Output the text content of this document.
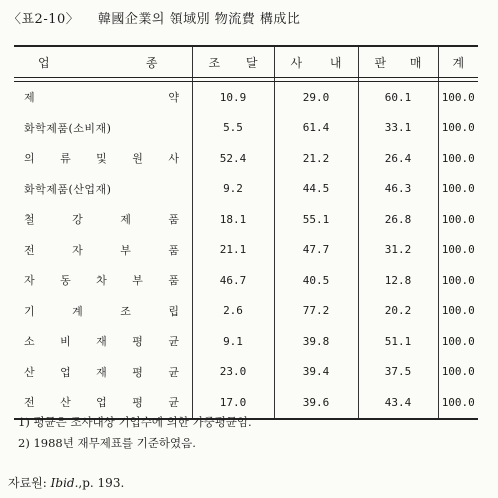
〈표2-10〉 韓國企業의 領域別 物流費 構成比
업 종	조 달	사 내	판 매	계

제 약	10.9	29.0	60.1	100.0

화학제품(소비재)	5.5	61.4	33.1	100.0

의 류 및 원 사	52.4	21.2	26.4	100.0

화학제품(산업재)	9.2	44.5	46.3	100.0

철 강 제 품	18.1	55.1	26.8	100.0

전 자 부 품	21.1	47.7	31.2	100.0

자 동 차 부 품	46.7	40.5	12.8	100.0

기 계 조 립	2.6	77.2	20.2	100.0

소 비 재 평 균	9.1	39.8	51.1	100.0

산 업 재 평 균	23.0	39.4	37.5	100.0

전 산 업 평 균	17.0	39.6	43.4	100.0
1) 평균은 조사대상 기업수에 의한 가중평균임.
2) 1988년 재무제표를 기준하였음.
자료원: Ibid.,p. 193.
